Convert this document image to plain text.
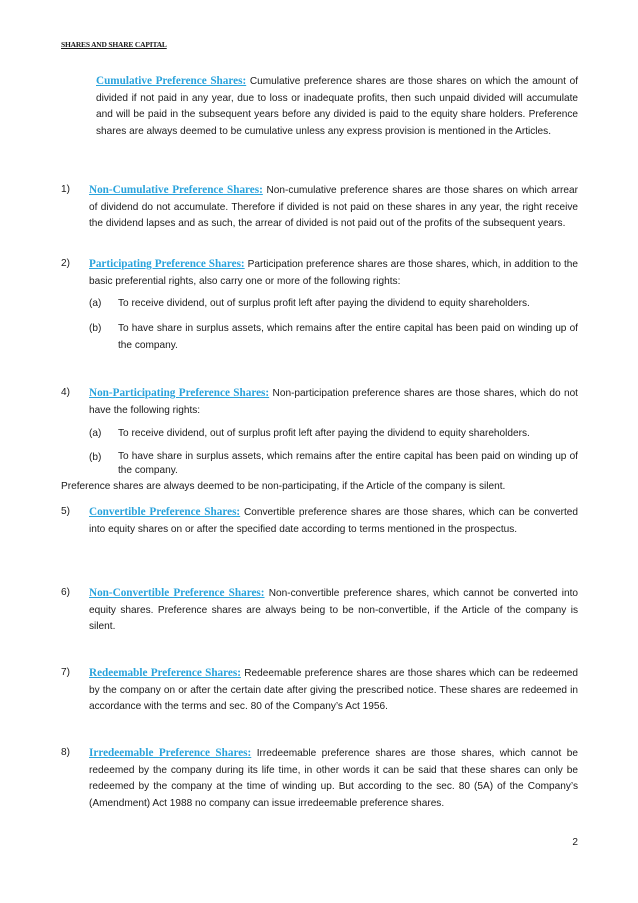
SHARES AND SHARE CAPITAL
Cumulative Preference Shares: Cumulative preference shares are those shares on which the amount of divided if not paid in any year, due to loss or inadequate profits, then such unpaid divided will accumulate and will be paid in the subsequent years before any divided is paid to the equity share holders. Preference shares are always deemed to be cumulative unless any express provision is mentioned in the Articles.
1) Non-Cumulative Preference Shares: Non-cumulative preference shares are those shares on which arrear of dividend do not accumulate. Therefore if divided is not paid on these shares in any year, the right receive the dividend lapses and as such, the arrear of divided is not paid out of the profits of the subsequent years.
2) Participating Preference Shares: Participation preference shares are those shares, which, in addition to the basic preferential rights, also carry one or more of the following rights:
(a) To receive dividend, out of surplus profit left after paying the dividend to equity shareholders.
(b) To have share in surplus assets, which remains after the entire capital has been paid on winding up of the company.
4) Non-Participating Preference Shares: Non-participation preference shares are those shares, which do not have the following rights:
(a) To receive dividend, out of surplus profit left after paying the dividend to equity shareholders.
(b) To have share in surplus assets, which remains after the entire capital has been paid on winding up of the company.
Preference shares are always deemed to be non-participating, if the Article of the company is silent.
5) Convertible Preference Shares: Convertible preference shares are those shares, which can be converted into equity shares on or after the specified date according to terms mentioned in the prospectus.
6) Non-Convertible Preference Shares: Non-convertible preference shares, which cannot be converted into equity shares. Preference shares are always being to be non-convertible, if the Article of the company is silent.
7) Redeemable Preference Shares: Redeemable preference shares are those shares which can be redeemed by the company on or after the certain date after giving the prescribed notice. These shares are redeemed in accordance with the terms and sec. 80 of the Company’s Act 1956.
8) Irredeemable Preference Shares: Irredeemable preference shares are those shares, which cannot be redeemed by the company during its life time, in other words it can be said that these shares can only be redeemed by the company at the time of winding up. But according to the sec. 80 (5A) of the Company’s (Amendment) Act 1988 no company can issue irredeemable preference shares.
2
